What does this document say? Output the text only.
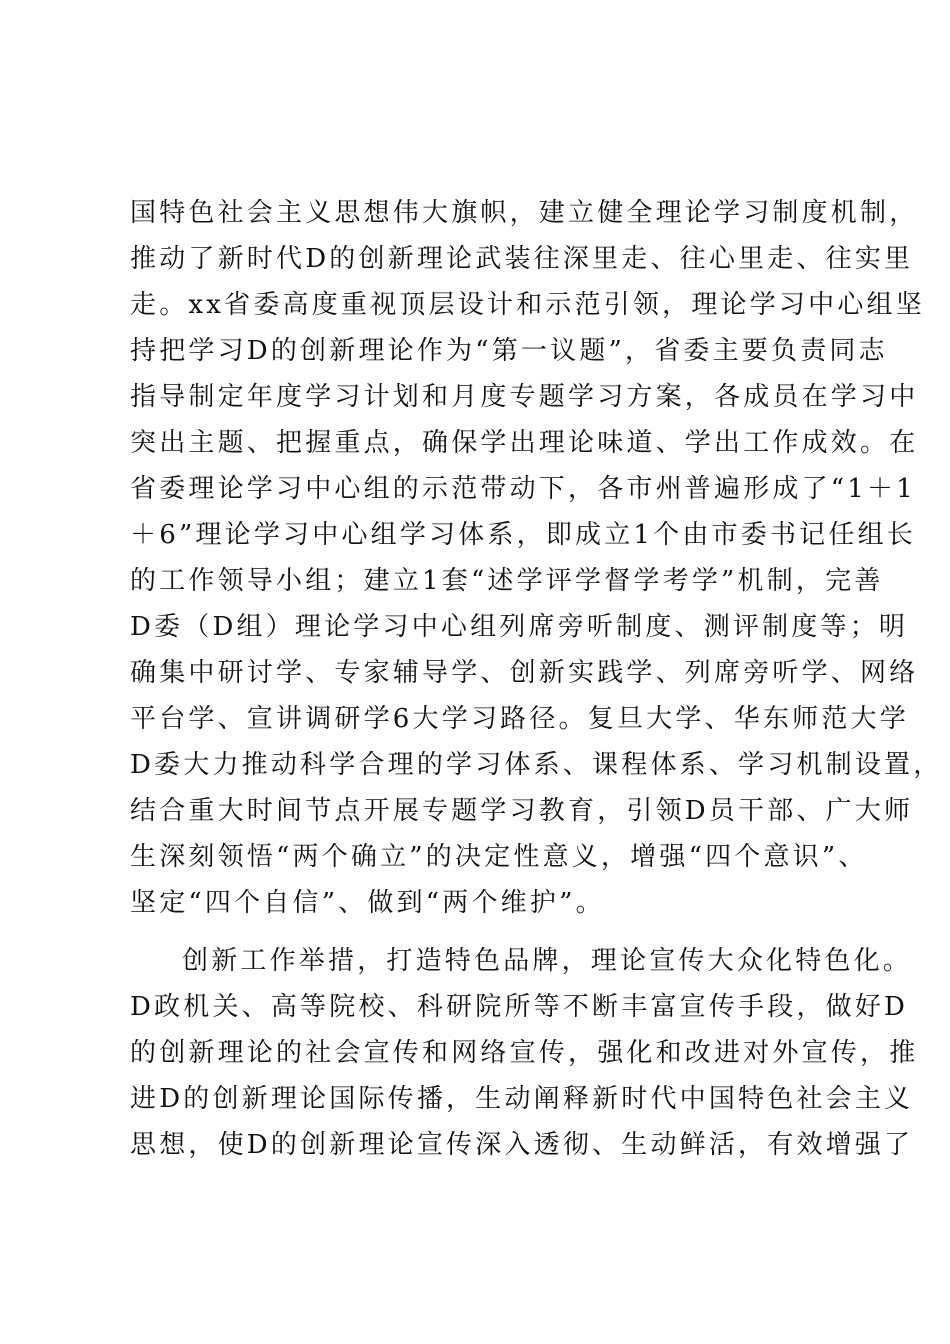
国特色社会主义思想伟大旗帜，建立健全理论学习制度机制，
推动了新时代D的创新理论武装往深里走、往心里走、往实里
走。xx省委高度重视顶层设计和示范引领，理论学习中心组坚
持把学习D的创新理论作为“第一议题”，省委主要负责同志
指导制定年度学习计划和月度专题学习方案，各成员在学习中
突出主题、把握重点，确保学出理论味道、学出工作成效。在
省委理论学习中心组的示范带动下，各市州普遍形成了“1＋1
＋6”理论学习中心组学习体系，即成立1个由市委书记任组长
的工作领导小组；建立1套“述学评学督学考学”机制，完善
D委（D组）理论学习中心组列席旁听制度、测评制度等；明
确集中研讨学、专家辅导学、创新实践学、列席旁听学、网络
平台学、宣讲调研学6大学习路径。复旦大学、华东师范大学
D委大力推动科学合理的学习体系、课程体系、学习机制设置，
结合重大时间节点开展专题学习教育，引领D员干部、广大师
生深刻领悟“两个确立”的决定性意义，增强“四个意识”、
坚定“四个自信”、做到“两个维护”。
创新工作举措，打造特色品牌，理论宣传大众化特色化。
D政机关、高等院校、科研院所等不断丰富宣传手段，做好D
的创新理论的社会宣传和网络宣传，强化和改进对外宣传，推
进D的创新理论国际传播，生动阐释新时代中国特色社会主义
思想，使D的创新理论宣传深入透彻、生动鲜活，有效增强了
